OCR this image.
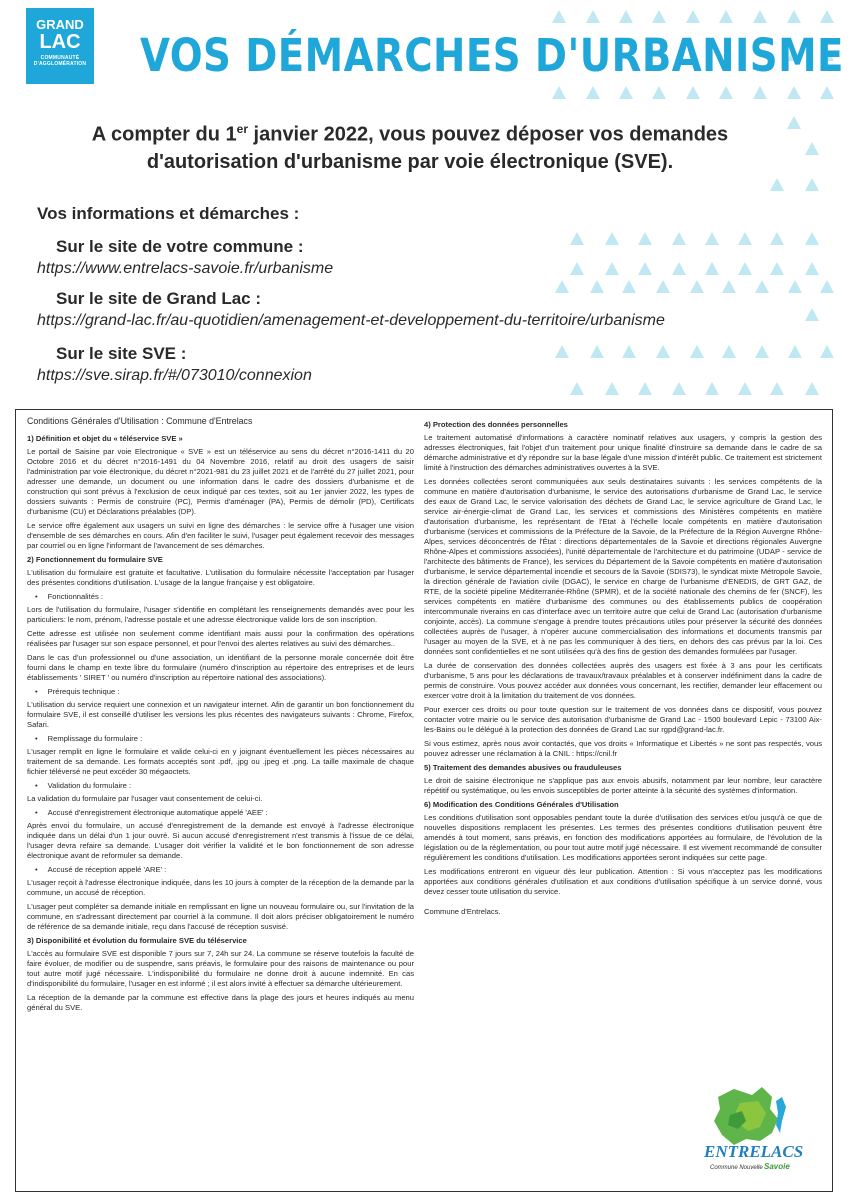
GRAND
LAC
COMMUNAUTÉ D'AGGLOMÉRATION VOS DÉMARCHES D'URBANISME
A compter du 1er janvier 2022, vous pouvez déposer vos demandes d'autorisation d'urbanisme par voie électronique (SVE).
Vos informations et démarches :
Sur le site de votre commune :
https://www.entrelacs-savoie.fr/urbanisme
Sur le site de Grand Lac :
https://grand-lac.fr/au-quotidien/amenagement-et-developpement-du-territoire/urbanisme
Sur le site SVE :
https://sve.sirap.fr/#/073010/connexion

Conditions Générales d'Utilisation : Commune d'Entrelacs

1) Définition et objet du « téléservice SVE »

Le portail de Saisine par voie Electronique « SVE » est un téléservice au sens du décret n°2016-1411 du 20 Octobre 2016 et du décret n°2016-1491 du 04 Novembre 2016, relatif au droit des usagers de saisir l'administration par voie électronique, du décret n°2021-981 du 23 juillet 2021 et de l'arrêté du 27 juillet 2021, pour adresser une demande, un document ou une information dans le cadre des dossiers d'urbanisme et de construction qui sont prévus à l'exclusion de ceux indiqué par ces textes, soit au 1er janvier 2022, les types de dossiers suivants : Permis de construire (PC), Permis d'aménager (PA), Permis de démolir (PD), Certificats d'urbanisme (CU) et Déclarations préalables (DP).

Le service offre également aux usagers un suivi en ligne des démarches : le service offre à l'usager une vision d'ensemble de ses démarches en cours. Afin d'en faciliter le suivi, l'usager peut également recevoir des messages par courriel ou en ligne l'informant de l'avancement de ses démarches.

2) Fonctionnement du formulaire SVE

L'utilisation du formulaire est gratuite et facultative. L'utilisation du formulaire nécessite l'acceptation par l'usager des présentes conditions d'utilisation. L'usage de la langue française y est obligatoire.

• Fonctionnalités :

Lors de l'utilisation du formulaire, l'usager s'identifie en complétant les renseignements demandés avec pour les particuliers: le nom, prénom, l'adresse postale et une adresse électronique valide lors de son inscription.

Cette adresse est utilisée non seulement comme identifiant mais aussi pour la confirmation des opérations réalisées par l'usager sur son espace personnel, et pour l'envoi des alertes relatives au suivi des démarches..

Dans le cas d'un professionnel ou d'une association, un identifiant de la personne morale concernée doit être fourni dans le champ en texte libre du formulaire (numéro d'inscription au répertoire des entreprises et de leurs établissements ' SIRET ' ou numéro d'inscription au répertoire national des associations).

• Prérequis technique :

L'utilisation du service requiert une connexion et un navigateur internet. Afin de garantir un bon fonctionnement du formulaire SVE, il est conseillé d'utiliser les versions les plus récentes des navigateurs suivants : Chrome, Firefox, Safari.

• Remplissage du formulaire :

L'usager remplit en ligne le formulaire et valide celui-ci en y joignant éventuellement les pièces nécessaires au traitement de sa demande. Les formats acceptés sont .pdf, .jpg ou .jpeg et .png. La taille maximale de chaque fichier téléversé ne peut excéder 30 mégaoctets.

• Validation du formulaire :

La validation du formulaire par l'usager vaut consentement de celui-ci.

• Accusé d'enregistrement électronique automatique appelé 'AEE' :

Après envoi du formulaire, un accusé d'enregistrement de la demande est envoyé à l'adresse électronique indiquée dans un délai d'un 1 jour ouvré. Si aucun accusé d'enregistrement n'est transmis à l'issue de ce délai, l'usager devra refaire sa demande. L'usager doit vérifier la validité et le bon fonctionnement de son adresse électronique avant de reformuler sa demande.

• Accusé de réception appelé 'ARE' :

L'usager reçoit à l'adresse électronique indiquée, dans les 10 jours à compter de la réception de la demande par la commune, un accusé de réception.

L'usager peut compléter sa demande initiale en remplissant en ligne un nouveau formulaire ou, sur l'invitation de la commune, en s'adressant directement par courriel à la commune. Il doit alors préciser obligatoirement le numéro de référence de sa demande initiale, reçu dans l'accusé de réception susvisé.

3) Disponibilité et évolution du formulaire SVE du téléservice

L'accès au formulaire SVE est disponible 7 jours sur 7, 24h sur 24. La commune se réserve toutefois la faculté de faire évoluer, de modifier ou de suspendre, sans préavis, le formulaire pour des raisons de maintenance ou pour tout autre motif jugé nécessaire. L'indisponibilité du formulaire ne donne droit à aucune indemnité. En cas d'indisponibilité du formulaire, l'usager en est informé ; il est alors invité à effectuer sa démarche ultérieurement.

La réception de la demande par la commune est effective dans la plage des jours et heures indiqués au menu général du SVE.

4) Protection des données personnelles

Le traitement automatisé d'informations à caractère nominatif relatives aux usagers, y compris la gestion des adresses électroniques, fait l'objet d'un traitement pour unique finalité d'instruire sa demande dans le cadre de sa démarche administrative et d'y répondre sur la base légale d'une mission d'intérêt public. Ce traitement est strictement limité à l'instruction des démarches administratives ouvertes à la SVE.

Les données collectées seront communiquées aux seuls destinataires suivants : les services compétents de la commune en matière d'autorisation d'urbanisme, le service des autorisations d'urbanisme de Grand Lac, le service des eaux de Grand Lac, le service valorisation des déchets de Grand Lac, le service agriculture de Grand Lac, le service air-énergie-climat de Grand Lac, les services et commissions des Ministères compétents en matière d'autorisation d'urbanisme, les représentant de l'Etat à l'échelle locale compétents en matière d'autorisation d'urbanisme (services et commissions de la Préfecture de la Savoie, de la Préfecture de la Région Auvergne Rhône-Alpes, services déconcentrés de l'État : directions départementales de la Savoie et directions régionales Auvergne Rhône-Alpes et commissions associées), l'unité départementale de l'architecture et du patrimoine (UDAP - service de l'architecte des bâtiments de France), les services du Département de la Savoie compétents en matière d'autorisation d'urbanisme, le service départemental incendie et secours de la Savoie (SDIS73), le syndicat mixte Métropole Savoie, la direction générale de l'aviation civile (DGAC), le service en charge de l'urbanisme d'ENEDIS, de GRT GAZ, de RTE, de la société pipeline Méditerranée-Rhône (SPMR), et de la société nationale des chemins de fer (SNCF), les services compétents en matière d'urbanisme des communes ou des établissements publics de coopération intercommunale riverains en cas d'interface avec un territoire autre que celui de Grand Lac (autorisation d'urbanisme conjointe, accès). La commune s'engage à prendre toutes précautions utiles pour préserver la sécurité des données collectées auprès de l'usager, à n'opérer aucune commercialisation des informations et documents transmis par l'usager au moyen de la SVE, et à ne pas les communiquer à des tiers, en dehors des cas prévus par la loi. Ces données sont confidentielles et ne sont utilisées qu'à des fins de gestion des demandes formulées par l'usager.

La durée de conservation des données collectées auprès des usagers est fixée à 3 ans pour les certificats d'urbanisme, 5 ans pour les déclarations de travaux/travaux préalables et à conserver indéfiniment dans la cadre de permis de construire. Vous pouvez accéder aux données vous concernant, les rectifier, demander leur effacement ou exercer votre droit à la limitation du traitement de vos données.

Pour exercer ces droits ou pour toute question sur le traitement de vos données dans ce dispositif, vous pouvez contacter votre mairie ou le service des autorisation d'urbanisme de Grand Lac - 1500 boulevard Lepic - 73100 Aix-les-Bains ou le délégué à la protection des données de Grand Lac sur rgpd@grand-lac.fr.

Si vous estimez, après nous avoir contactés, que vos droits « Informatique et Libertés » ne sont pas respectés, vous pouvez adresser une réclamation à la CNIL : https://cnil.fr

5) Traitement des demandes abusives ou frauduleuses

Le droit de saisine électronique ne s'applique pas aux envois abusifs, notamment par leur nombre, leur caractère répétitif ou systématique, ou les envois susceptibles de porter atteinte à la sécurité des systèmes d'information.

6) Modification des Conditions Générales d'Utilisation

Les conditions d'utilisation sont opposables pendant toute la durée d'utilisation des services et/ou jusqu'à ce que de nouvelles dispositions remplacent les présentes. Les termes des présentes conditions d'utilisation peuvent être amendés à tout moment, sans préavis, en fonction des modifications apportées au formulaire, de l'évolution de la législation ou de la réglementation, ou pour tout autre motif jugé nécessaire. Il est vivement recommandé de consulter régulièrement les conditions d'utilisation. Les modifications apportées seront indiquées sur cette page.

Les modifications entreront en vigueur dès leur publication. Attention : Si vous n'acceptez pas les modifications apportées aux conditions générales d'utilisation et aux conditions d'utilisation spécifique à un service donné, vous devez cesser toute utilisation du service.

Commune d'Entrelacs.

ENTRELACS
Commune Nouvelle Savoie
